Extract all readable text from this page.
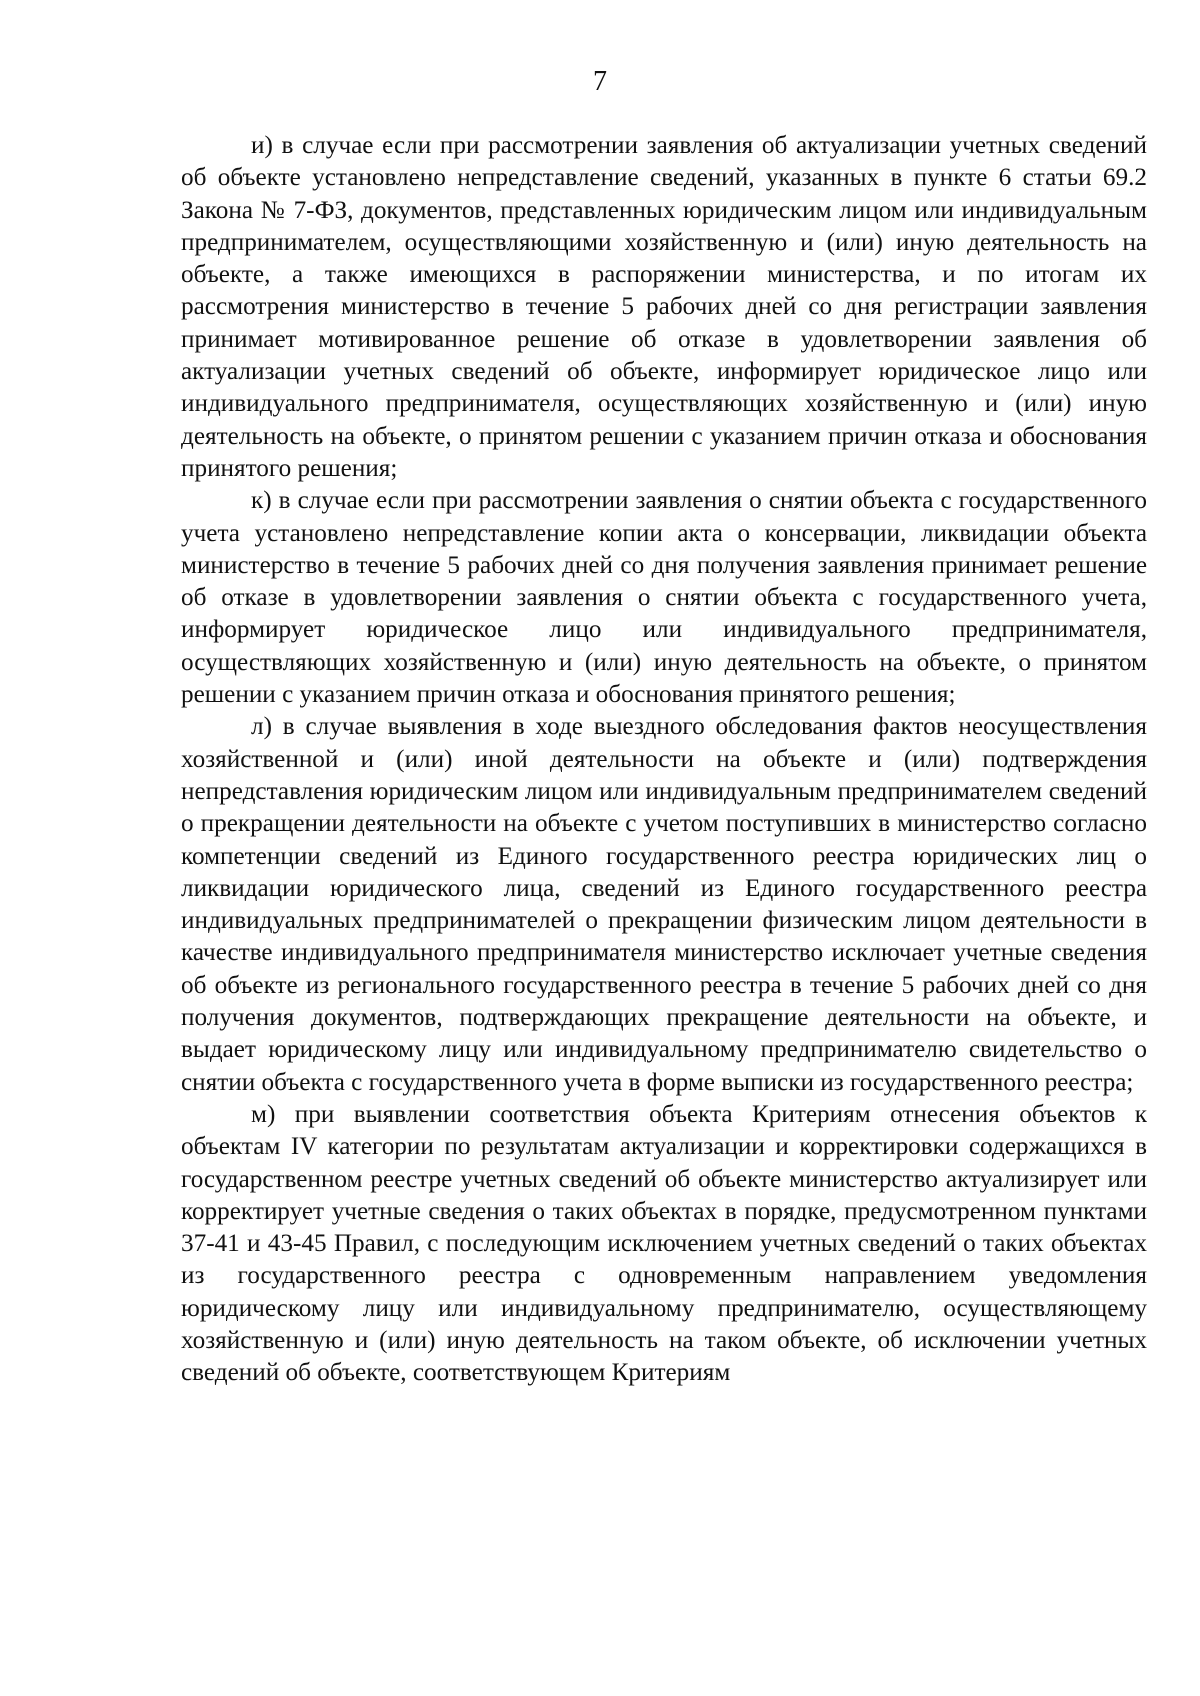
7

и) в случае если при рассмотрении заявления об актуализации учетных сведений об объекте установлено непредставление сведений, указанных в пункте 6 статьи 69.2 Закона № 7-ФЗ, документов, представленных юридическим лицом или индивидуальным предпринимателем, осуществляющими хозяйственную и (или) иную деятельность на объекте, а также имеющихся в распоряжении министерства, и по итогам их рассмотрения министерство в течение 5 рабочих дней со дня регистрации заявления принимает мотивированное решение об отказе в удовлетворении заявления об актуализации учетных сведений об объекте, информирует юридическое лицо или индивидуального предпринимателя, осуществляющих хозяйственную и (или) иную деятельность на объекте, о принятом решении с указанием причин отказа и обоснования принятого решения;

к) в случае если при рассмотрении заявления о снятии объекта с государственного учета установлено непредставление копии акта о консервации, ликвидации объекта министерство в течение 5 рабочих дней со дня получения заявления принимает решение об отказе в удовлетворении заявления о снятии объекта с государственного учета, информирует юридическое лицо или индивидуального предпринимателя, осуществляющих хозяйственную и (или) иную деятельность на объекте, о принятом решении с указанием причин отказа и обоснования принятого решения;

л) в случае выявления в ходе выездного обследования фактов неосуществления хозяйственной и (или) иной деятельности на объекте и (или) подтверждения непредставления юридическим лицом или индивидуальным предпринимателем сведений о прекращении деятельности на объекте с учетом поступивших в министерство согласно компетенции сведений из Единого государственного реестра юридических лиц о ликвидации юридического лица, сведений из Единого государственного реестра индивидуальных предпринимателей о прекращении физическим лицом деятельности в качестве индивидуального предпринимателя министерство исключает учетные сведения об объекте из регионального государственного реестра в течение 5 рабочих дней со дня получения документов, подтверждающих прекращение деятельности на объекте, и выдает юридическому лицу или индивидуальному предпринимателю свидетельство о снятии объекта с государственного учета в форме выписки из государственного реестра;

м) при выявлении соответствия объекта Критериям отнесения объектов к объектам IV категории по результатам актуализации и корректировки содержащихся в государственном реестре учетных сведений об объекте министерство актуализирует или корректирует учетные сведения о таких объектах в порядке, предусмотренном пунктами 37-41 и 43-45 Правил, с последующим исключением учетных сведений о таких объектах из государственного реестра с одновременным направлением уведомления юридическому лицу или индивидуальному предпринимателю, осуществляющему хозяйственную и (или) иную деятельность на таком объекте, об исключении учетных сведений об объекте, соответствующем Критериям
